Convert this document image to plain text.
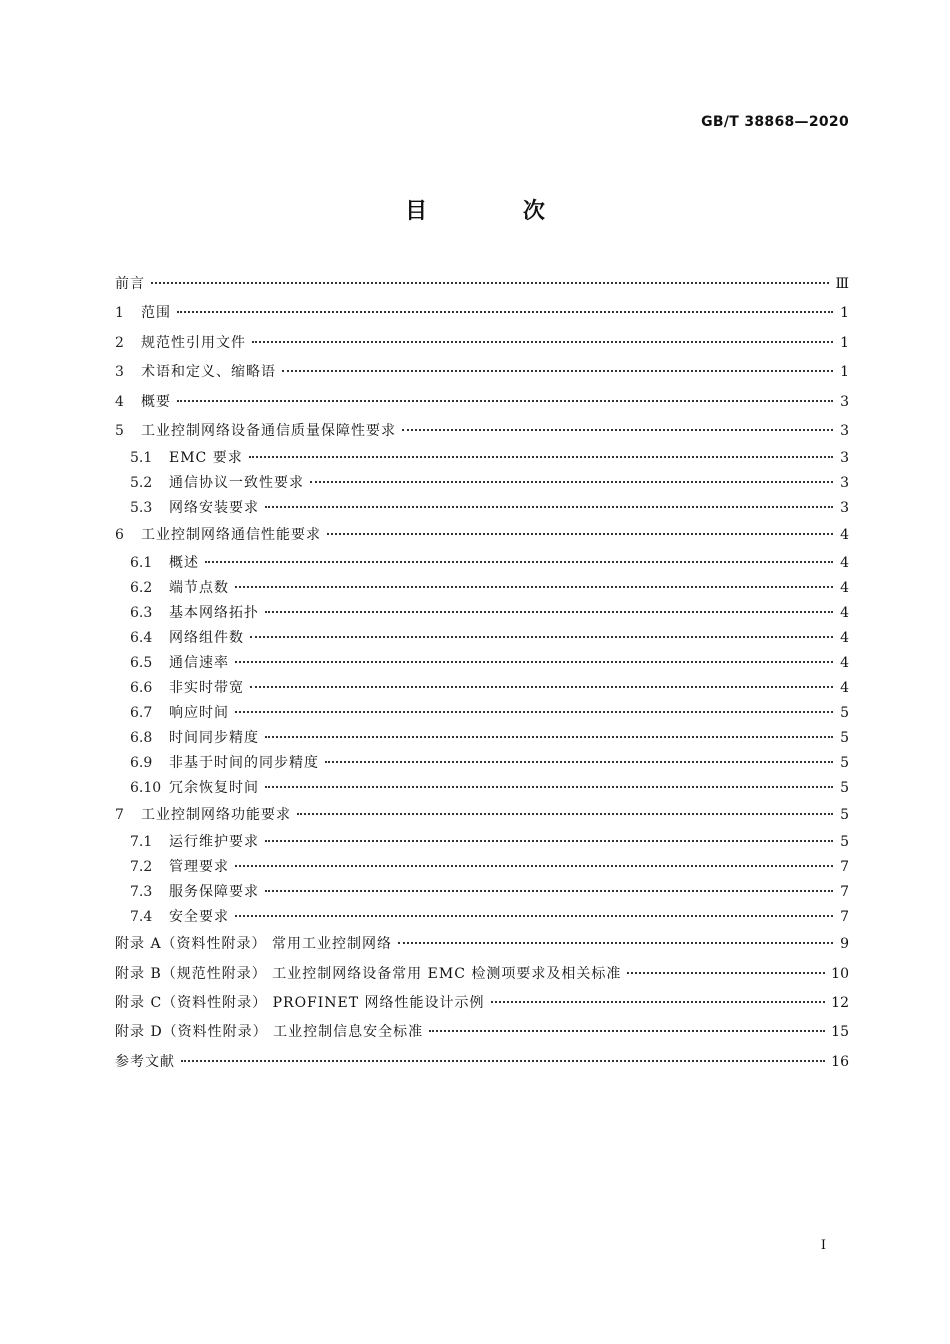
GB/T 38868—2020
目 次
前言	Ⅲ
1	范围	1
2	规范性引用文件	1
3	术语和定义、缩略语	1
4	概要	3
5	工业控制网络设备通信质量保障性要求	3
5.1	EMC 要求	3
5.2	通信协议一致性要求	3
5.3	网络安装要求	3
6	工业控制网络通信性能要求	4
6.1	概述	4
6.2	端节点数	4
6.3	基本网络拓扑	4
6.4	网络组件数	4
6.5	通信速率	4
6.6	非实时带宽	4
6.7	响应时间	5
6.8	时间同步精度	5
6.9	非基于时间的同步精度	5
6.10 冗余恢复时间	5
7	工业控制网络功能要求	5
7.1	运行维护要求	5
7.2	管理要求	7
7.3	服务保障要求	7
7.4	安全要求	7
附录 A（资料性附录） 常用工业控制网络	9
附录 B（规范性附录） 工业控制网络设备常用 EMC 检测项要求及相关标准	10
附录 C（资料性附录） PROFINET 网络性能设计示例	12
附录 D（资料性附录） 工业控制信息安全标准	15
参考文献	16
I
